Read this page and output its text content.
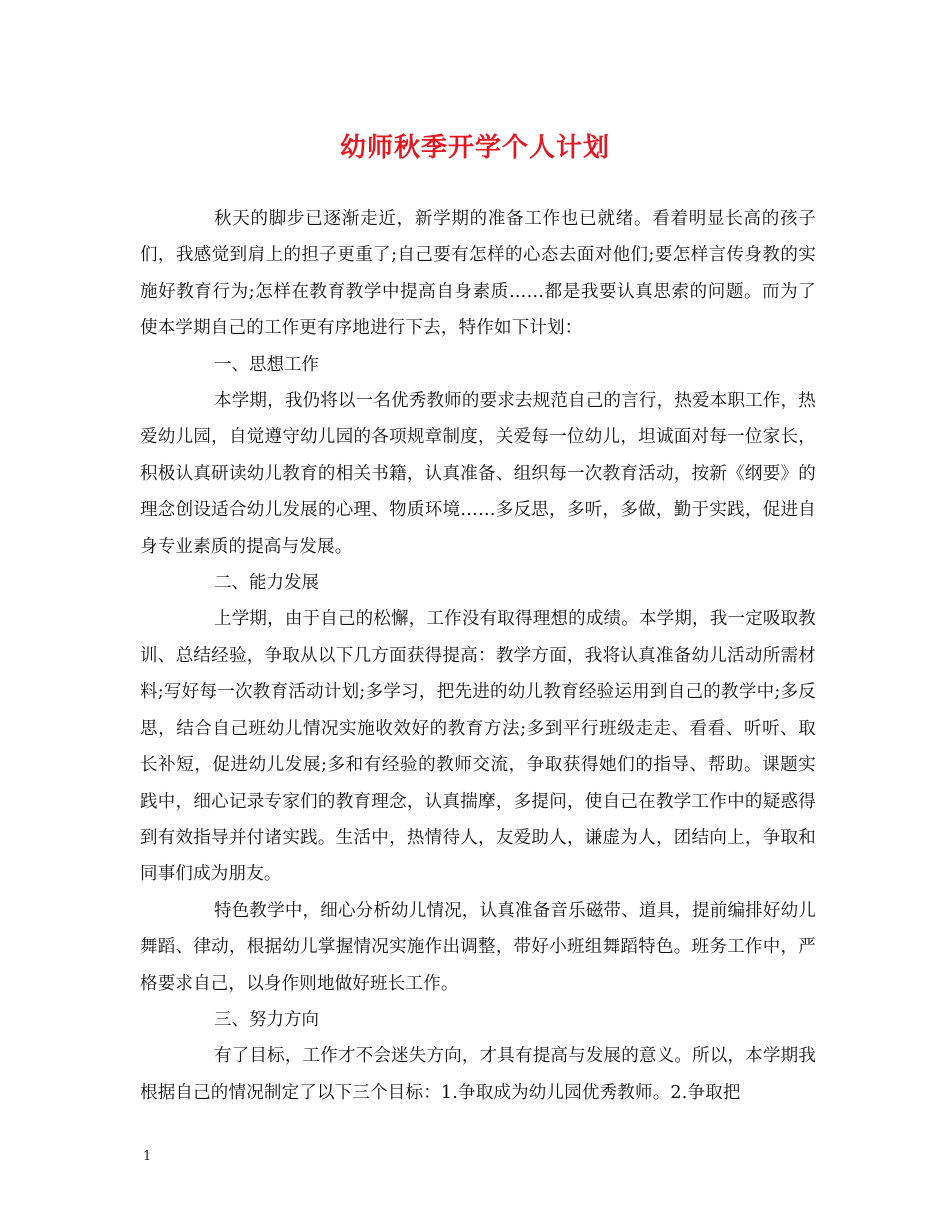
幼师秋季开学个人计划

秋天的脚步已逐渐走近，新学期的准备工作也已就绪。看着明显长高的孩子们，我感觉到肩上的担子更重了;自己要有怎样的心态去面对他们;要怎样言传身教的实施好教育行为;怎样在教育教学中提高自身素质……都是我要认真思索的问题。而为了使本学期自己的工作更有序地进行下去，特作如下计划：

一、思想工作

本学期，我仍将以一名优秀教师的要求去规范自己的言行，热爱本职工作，热爱幼儿园，自觉遵守幼儿园的各项规章制度，关爱每一位幼儿，坦诚面对每一位家长，积极认真研读幼儿教育的相关书籍，认真准备、组织每一次教育活动，按新《纲要》的理念创设适合幼儿发展的心理、物质环境……多反思，多听，多做，勤于实践，促进自身专业素质的提高与发展。

二、能力发展

上学期，由于自己的松懈，工作没有取得理想的成绩。本学期，我一定吸取教训、总结经验，争取从以下几方面获得提高：教学方面，我将认真准备幼儿活动所需材料;写好每一次教育活动计划;多学习，把先进的幼儿教育经验运用到自己的教学中;多反思，结合自己班幼儿情况实施收效好的教育方法;多到平行班级走走、看看、听听、取长补短，促进幼儿发展;多和有经验的教师交流，争取获得她们的指导、帮助。课题实践中，细心记录专家们的教育理念，认真揣摩，多提问，使自己在教学工作中的疑惑得到有效指导并付诸实践。生活中，热情待人，友爱助人，谦虚为人，团结向上，争取和同事们成为朋友。

特色教学中，细心分析幼儿情况，认真准备音乐磁带、道具，提前编排好幼儿舞蹈、律动，根据幼儿掌握情况实施作出调整，带好小班组舞蹈特色。班务工作中，严格要求自己，以身作则地做好班长工作。

三、努力方向

有了目标，工作才不会迷失方向，才具有提高与发展的意义。所以，本学期我根据自己的情况制定了以下三个目标：1.争取成为幼儿园优秀教师。2.争取把

1
